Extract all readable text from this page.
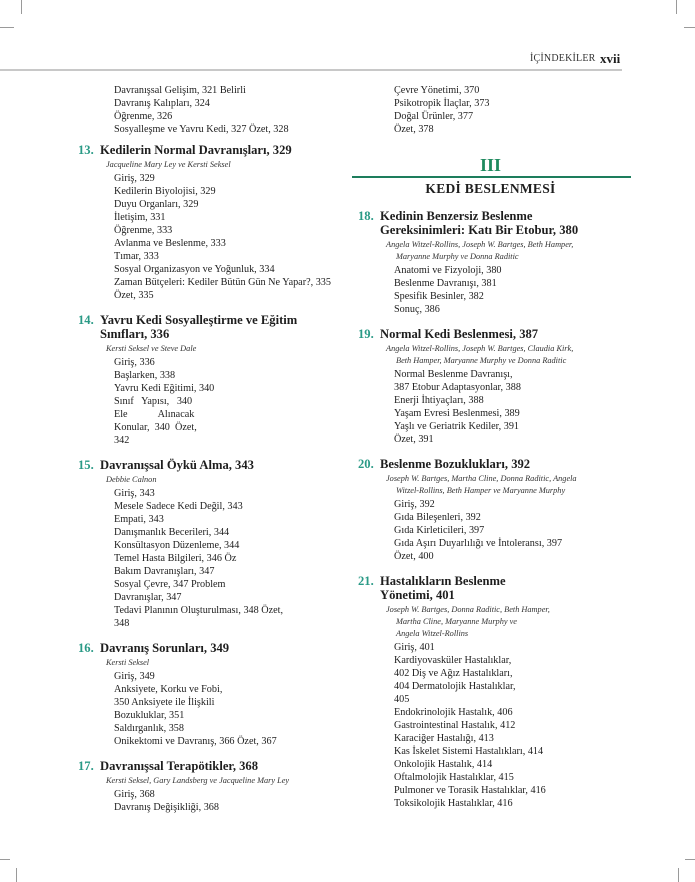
İÇİNDEKİLER xvii
Davranışsal Gelişim, 321 Belirli
Davranış Kalıpları, 324
Öğrenme, 326
Sosyalleşme ve Yavru Kedi, 327 Özet, 328
13. Kedilerin Normal Davranışları, 329
Jacqueline Mary Ley ve Kersti Seksel
Giriş, 329
Kedilerin Biyolojisi, 329
Duyu Organları, 329
İletişim, 331
Öğrenme, 333
Avlanma ve Beslenme, 333
Tımar, 333
Sosyal Organizasyon ve Yoğunluk, 334
Zaman Bütçeleri: Kediler Bütün Gün Ne Yapar?, 335
Özet, 335
14. Yavru Kedi Sosyalleştirme ve Eğitim
Sınıfları, 336
Kersti Seksel ve Steve Dale
Giriş, 336
Başlarken, 338
Yavru Kedi Eğitimi, 340
Sınıf   Yapısı,   340
Ele            Alınacak
Konular,  340  Özet,
342
15. Davranışsal Öykü Alma, 343
Debbie Calnon
Giriş, 343
Mesele Sadece Kedi Değil, 343
Empati, 343
Danışmanlık Becerileri, 344
Konsültasyon Düzenleme, 344
Temel Hasta Bilgileri, 346 Öz
Bakım Davranışları, 347
Sosyal Çevre, 347 Problem
Davranışlar, 347
Tedavi Planının Oluşturulması, 348 Özet,
348
16. Davranış Sorunları, 349
Kersti Seksel
Giriş, 349
Anksiyete, Korku ve Fobi,
350 Anksiyete ile İlişkili
Bozukluklar, 351
Saldırganlık, 358
Onikektomi ve Davranış, 366 Özet, 367
17. Davranışsal Terapötikler, 368
Kersti Seksel, Gary Landsberg ve Jacqueline Mary Ley
Giriş, 368
Davranış Değişikliği, 368
Çevre Yönetimi, 370
Psikotropik İlaçlar, 373
Doğal Ürünler, 377
Özet, 378
III
KEDİ BESLENMESİ
18. Kedinin Benzersiz Beslenme
Gereksinimleri: Katı Bir Etobur, 380
Angela Witzel-Rollins, Joseph W. Bartges, Beth Hamper,
Maryanne Murphy ve Donna Raditic
Anatomi ve Fizyoloji, 380
Beslenme Davranışı, 381
Spesifik Besinler, 382
Sonuç, 386
19. Normal Kedi Beslenmesi, 387
Angela Witzel-Rollins, Joseph W. Bartges, Claudia Kirk,
Beth Hamper, Maryanne Murphy ve Donna Raditic
Normal Beslenme Davranışı,
387 Etobur Adaptasyonlar, 388
Enerji İhtiyaçları, 388
Yaşam Evresi Beslenmesi, 389
Yaşlı ve Geriatrik Kediler, 391
Özet, 391
20. Beslenme Bozuklukları, 392
Joseph W. Bartges, Martha Cline, Donna Raditic, Angela
Witzel-Rollins, Beth Hamper ve Maryanne Murphy
Giriş, 392
Gıda Bileşenleri, 392
Gıda Kirleticileri, 397
Gıda Aşırı Duyarlılığı ve İntoleransı, 397
Özet, 400
21. Hastalıkların Beslenme
Yönetimi, 401
Joseph W. Bartges, Donna Raditic, Beth Hamper,
Martha Cline, Maryanne Murphy ve
Angela Witzel-Rollins
Giriş, 401
Kardiyovasküler Hastalıklar,
402 Diş ve Ağız Hastalıkları,
404 Dermatolojik Hastalıklar,
405
Endokrinolojik Hastalık, 406
Gastrointestinal Hastalık, 412
Karaciğer Hastalığı, 413
Kas İskelet Sistemi Hastalıkları, 414
Onkolojik Hastalık, 414
Oftalmolojik Hastalıklar, 415
Pulmoner ve Torasik Hastalıklar, 416
Toksikolojik Hastalıklar, 416
